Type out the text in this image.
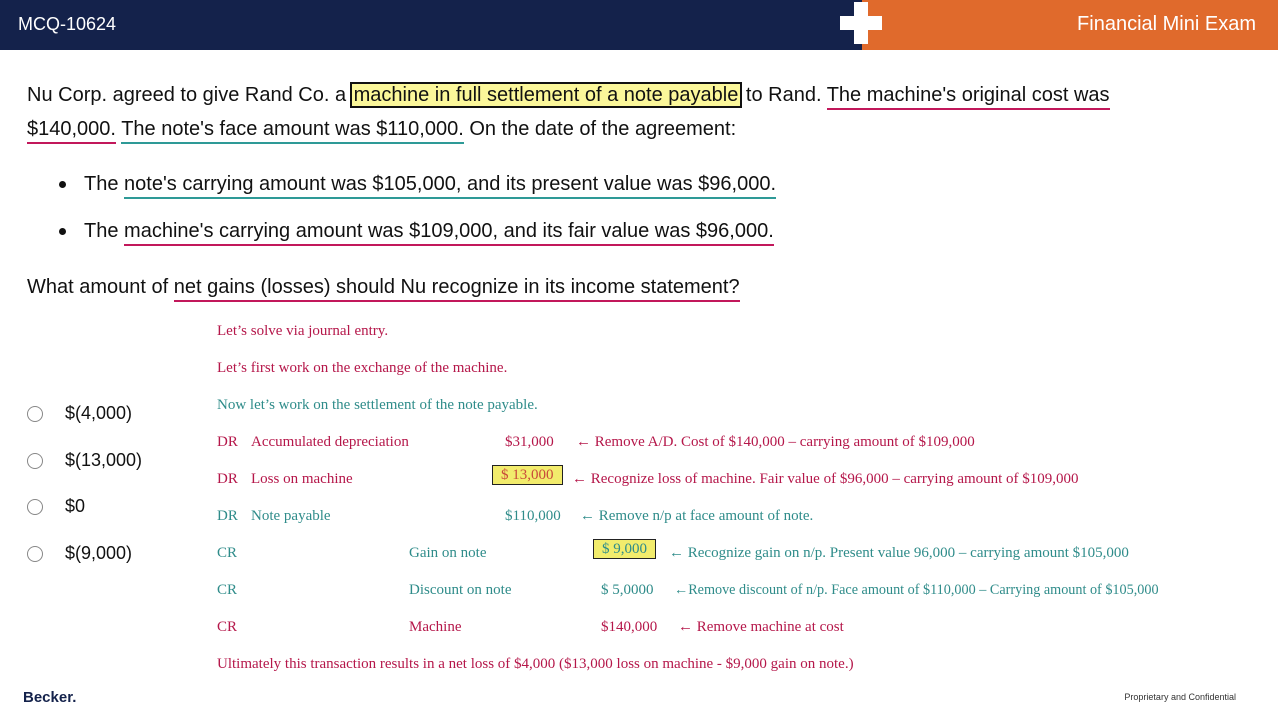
MCQ-10624	Financial Mini Exam
Nu Corp. agreed to give Rand Co. a machine in full settlement of a note payable to Rand. The machine's original cost was
$140,000. The note's face amount was $110,000. On the date of the agreement:
The note's carrying amount was $105,000, and its present value was $96,000.
The machine's carrying amount was $109,000, and its fair value was $96,000.
What amount of net gains (losses) should Nu recognize in its income statement?
$(4,000)
$(13,000)
$0
$(9,000)
Let’s solve via journal entry.
Let’s first work on the exchange of the machine.
Now let’s work on the settlement of the note payable.
DR Accumulated depreciation	$31,000 ← Remove A/D. Cost of $140,000 – carrying amount of $109,000
DR Loss on machine	$ 13,000	← Recognize loss of machine. Fair value of $96,000 – carrying amount of $109,000
DR Note payable	$110,000 ← Remove n/p at face amount of note.
CR	Gain on note	$ 9,000	← Recognize gain on n/p. Present value 96,000 – carrying amount $105,000
CR	Discount on note	$ 5,0000 ←Remove discount of n/p. Face amount of $110,000 – Carrying amount of $105,000
CR	Machine	$140,000 ← Remove machine at cost
Ultimately this transaction results in a net loss of $4,000 ($13,000 loss on machine - $9,000 gain on note.)
Becker.	Proprietary and Confidential
